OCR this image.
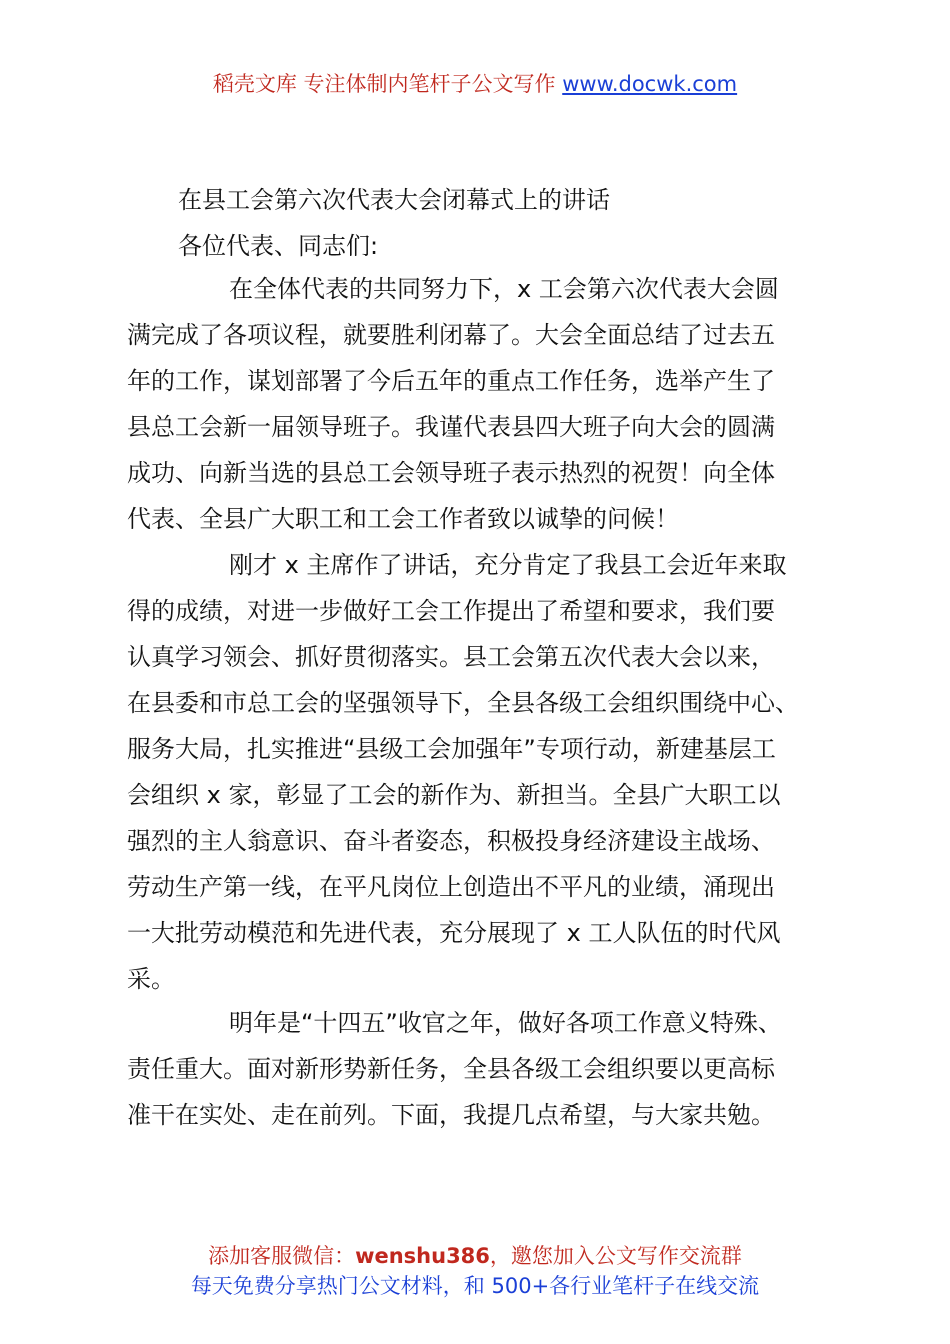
稻壳文库 专注体制内笔杆子公文写作 www.docwk.com
在县工会第六次代表大会闭幕式上的讲话
各位代表、同志们:
在全体代表的共同努力下，x 工会第六次代表大会圆
满完成了各项议程，就要胜利闭幕了。大会全面总结了过去五
年的工作，谋划部署了今后五年的重点工作任务，选举产生了
县总工会新一届领导班子。我谨代表县四大班子向大会的圆满
成功、向新当选的县总工会领导班子表示热烈的祝贺！向全体
代表、全县广大职工和工会工作者致以诚挚的问候！
刚才 x 主席作了讲话，充分肯定了我县工会近年来取
得的成绩，对进一步做好工会工作提出了希望和要求，我们要
认真学习领会、抓好贯彻落实。县工会第五次代表大会以来，
在县委和市总工会的坚强领导下，全县各级工会组织围绕中心、
服务大局，扎实推进“县级工会加强年”专项行动，新建基层工
会组织 x 家，彰显了工会的新作为、新担当。全县广大职工以
强烈的主人翁意识、奋斗者姿态，积极投身经济建设主战场、
劳动生产第一线，在平凡岗位上创造出不平凡的业绩，涌现出
一大批劳动模范和先进代表，充分展现了 x 工人队伍的时代风
采。
明年是“十四五”收官之年，做好各项工作意义特殊、
责任重大。面对新形势新任务，全县各级工会组织要以更高标
准干在实处、走在前列。下面，我提几点希望，与大家共勉。
添加客服微信：wenshu386，邀您加入公文写作交流群
每天免费分享热门公文材料，和 500+各行业笔杆子在线交流
